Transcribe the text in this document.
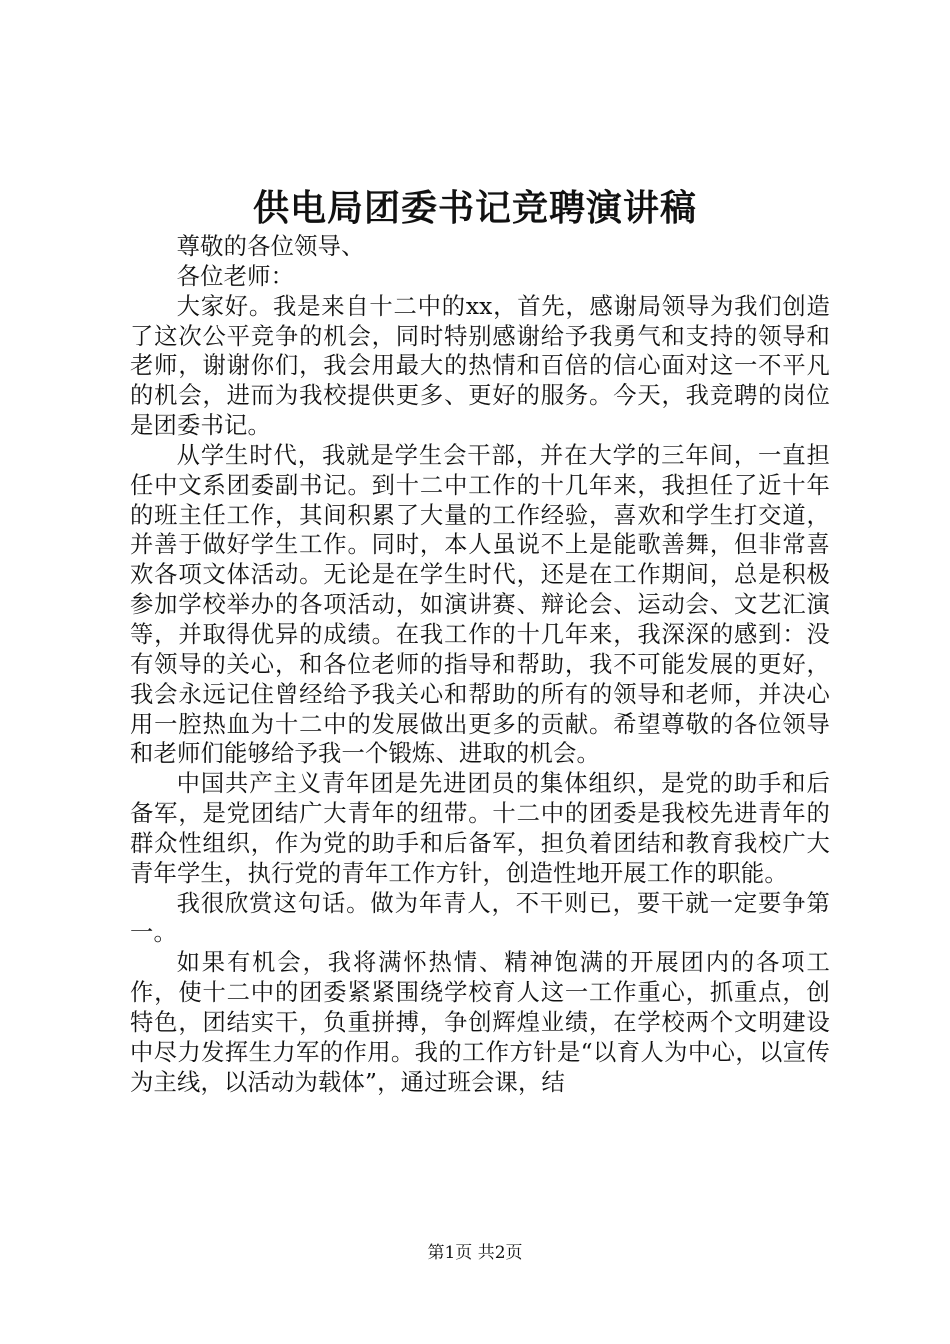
供电局团委书记竞聘演讲稿

尊敬的各位领导、

各位老师：

大家好。我是来自十二中的xx，首先，感谢局领导为我们创造了这次公平竞争的机会，同时特别感谢给予我勇气和支持的领导和老师，谢谢你们，我会用最大的热情和百倍的信心面对这一不平凡的机会，进而为我校提供更多、更好的服务。今天，我竞聘的岗位是团委书记。

从学生时代，我就是学生会干部，并在大学的三年间，一直担任中文系团委副书记。到十二中工作的十几年来，我担任了近十年的班主任工作，其间积累了大量的工作经验，喜欢和学生打交道，并善于做好学生工作。同时，本人虽说不上是能歌善舞，但非常喜欢各项文体活动。无论是在学生时代，还是在工作期间，总是积极参加学校举办的各项活动，如演讲赛、辩论会、运动会、文艺汇演等，并取得优异的成绩。在我工作的十几年来，我深深的感到：没有领导的关心，和各位老师的指导和帮助，我不可能发展的更好，我会永远记住曾经给予我关心和帮助的所有的领导和老师，并决心用一腔热血为十二中的发展做出更多的贡献。希望尊敬的各位领导和老师们能够给予我一个锻炼、进取的机会。

中国共产主义青年团是先进团员的集体组织，是党的助手和后备军，是党团结广大青年的纽带。十二中的团委是我校先进青年的群众性组织，作为党的助手和后备军，担负着团结和教育我校广大青年学生，执行党的青年工作方针，创造性地开展工作的职能。

我很欣赏这句话。做为年青人，不干则已，要干就一定要争第一。

如果有机会，我将满怀热情、精神饱满的开展团内的各项工作，使十二中的团委紧紧围绕学校育人这一工作重心，抓重点，创特色，团结实干，负重拼搏，争创辉煌业绩，在学校两个文明建设中尽力发挥生力军的作用。我的工作方针是“以育人为中心，以宣传为主线，以活动为载体”，通过班会课，结

第1页 共2页
